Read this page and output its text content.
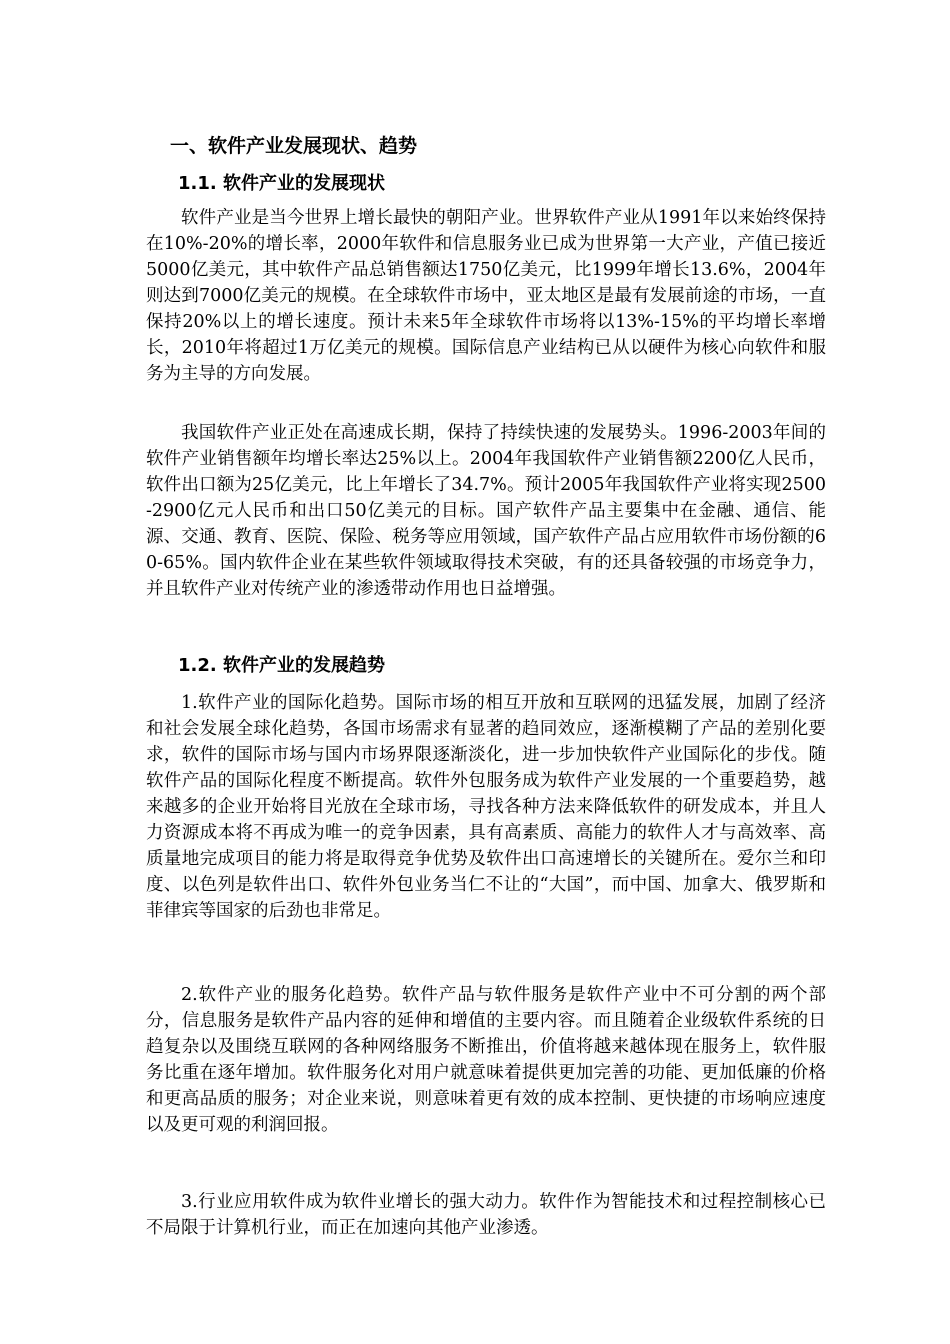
一、软件产业发展现状、趋势
1.1. 软件产业的发展现状

软件产业是当今世界上增长最快的朝阳产业。世界软件产业从1991年以来始终保持在10%-20%的增长率，2000年软件和信息服务业已成为世界第一大产业，产值已接近5000亿美元，其中软件产品总销售额达1750亿美元，比1999年增长13.6%，2004年则达到7000亿美元的规模。在全球软件市场中，亚太地区是最有发展前途的市场，一直保持20%以上的增长速度。预计未来5年全球软件市场将以13%-15%的平均增长率增长，2010年将超过1万亿美元的规模。国际信息产业结构已从以硬件为核心向软件和服务为主导的方向发展。

我国软件产业正处在高速成长期，保持了持续快速的发展势头。1996-2003年间的软件产业销售额年均增长率达25%以上。2004年我国软件产业销售额2200亿人民币，软件出口额为25亿美元，比上年增长了34.7%。预计2005年我国软件产业将实现2500-2900亿元人民币和出口50亿美元的目标。国产软件产品主要集中在金融、通信、能源、交通、教育、医院、保险、税务等应用领域，国产软件产品占应用软件市场份额的60-65%。国内软件企业在某些软件领域取得技术突破，有的还具备较强的市场竞争力，并且软件产业对传统产业的渗透带动作用也日益增强。

1.2. 软件产业的发展趋势

1.软件产业的国际化趋势。国际市场的相互开放和互联网的迅猛发展，加剧了经济和社会发展全球化趋势，各国市场需求有显著的趋同效应，逐渐模糊了产品的差别化要求，软件的国际市场与国内市场界限逐渐淡化，进一步加快软件产业国际化的步伐。随软件产品的国际化程度不断提高。软件外包服务成为软件产业发展的一个重要趋势，越来越多的企业开始将目光放在全球市场，寻找各种方法来降低软件的研发成本，并且人力资源成本将不再成为唯一的竞争因素，具有高素质、高能力的软件人才与高效率、高质量地完成项目的能力将是取得竞争优势及软件出口高速增长的关键所在。爱尔兰和印度、以色列是软件出口、软件外包业务当仁不让的“大国”，而中国、加拿大、俄罗斯和菲律宾等国家的后劲也非常足。

2.软件产业的服务化趋势。软件产品与软件服务是软件产业中不可分割的两个部分，信息服务是软件产品内容的延伸和增值的主要内容。而且随着企业级软件系统的日趋复杂以及围绕互联网的各种网络服务不断推出，价值将越来越体现在服务上，软件服务比重在逐年增加。软件服务化对用户就意味着提供更加完善的功能、更加低廉的价格和更高品质的服务；对企业来说，则意味着更有效的成本控制、更快捷的市场响应速度以及更可观的利润回报。

3.行业应用软件成为软件业增长的强大动力。软件作为智能技术和过程控制核心已不局限于计算机行业，而正在加速向其他产业渗透。
